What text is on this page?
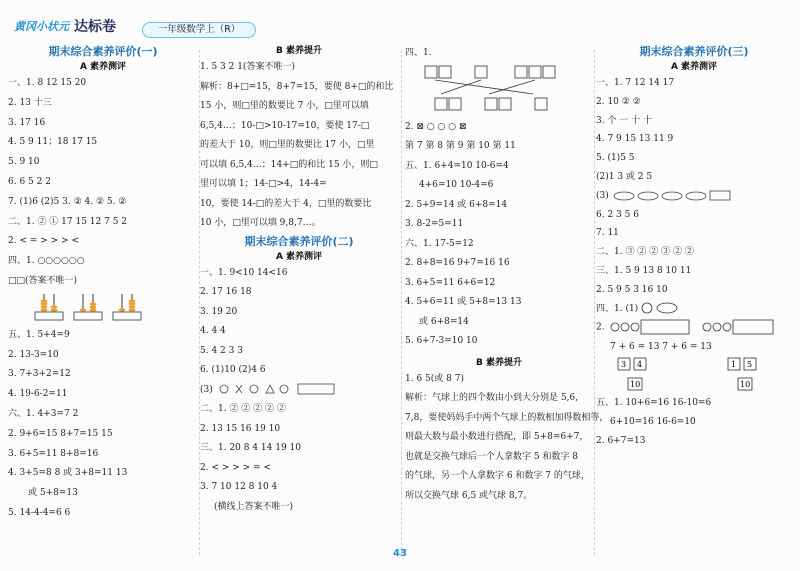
黄冈小状元 达标卷	一年级数学上（R）
期末综合素养评价(一)
A 素养测评
一、1. 8 12 15 20
2. 13 十三
3. 17 16
4. 5 9 11；18 17 15
5. 9 10
6. 6 5 2 2
7. (1)6 (2)5 3. ② 4. ② 5. ②
二、1. ② ① 17 15 12 7 5 2
2. < = > > > <
四、1. ○○○○○○
□□(答案不唯一)

五、1. 5+4=9
2. 13-3=10
3. 7+3+2=12
4. 19-6-2=11
六、1. 4+3=7 2
2. 9+6=15 8+7=15 15
3. 6+5=11 8+8=16
4. 3+5=8 8 或 3+8=11 13
或 5+8=13
5. 14-4-4=6 6
B 素养提升
1. 5 3 2 1(答案不唯一)
解析：8+□=15，8+7=15，要使 8+□的和比
15 小，则□里的数要比 7 小，□里可以填
6,5,4…；10-□>10-17=10，要使 17-□
的差大于 10，则□里的数要比 17 小，□里
可以填 6,5,4…；14+□的和比 15 小，则□
里可以填 1；14-□>4，14-4=
10，要使 14-□的差大于 4，□里的数要比
10 小，□里可以填 9,8,7…。
期末综合素养评价(二)
A 素养测评
一、1. 9<10 14<16
2. 17 16 18
3. 19 20
4. 4 4
5. 4 2 3 3
6. (1)10 (2)4 6
(3)
二、1. ② ② ② ② ②
2. 13 15 16 19 10
三、1. 20 8 4 14 19 10
2. < > > > = <
3. 7 10 12 8 10 4
(横线上答案不唯一)
四、1.
2. ⊠ ○ ○ ○ ⊠
第 7 第 8 第 9 第 10 第 11
五、1. 6+4=10 10-6=4
4+6=10 10-4=6
2. 5+9=14 或 6+8=14
3. 8-2=5=11
六、1. 17-5=12
2. 8+8=16 9+7=16 16
3. 6+5=11 6+6=12
4. 5+6=11 或 5+8=13 13
或 6+8=14
5. 6+7-3=10 10
B 素养提升
1. 6 5(或 8 7)
解析：气球上的四个数由小到大分别是 5,6,
7,8，要使妈妈手中两个气球上的数相加得数相等，
则最大数与最小数进行搭配，即 5+8=6+7，
也就是交换气球后一个人拿数字 5 和数字 8
的气球，另一个人拿数字 6 和数字 7 的气球，
所以交换气球 6,5 或气球 8,7。
期末综合素养评价(三)
A 素养测评
一、1. 7 12 14 17
2. 10 ② ②
3. 个 一 十 十
4. 7 9 15 13 11 9
5. (1)5 5
(2)1 3 或 2 5
(3)
6. 2 3 5 6
7. 11
二、1. ③ ② ② ③ ② ②
三、1. 5 9 13 8 10 11
2. 5 9 5 3 16 10
四、1. (1)
2.
7 + 6 = 13 7 + 6 = 13
3 4
10
1 5
10
五、1. 10+6=16 16-10=6
6+10=16 16-6=10
2. 6+7=13
43
